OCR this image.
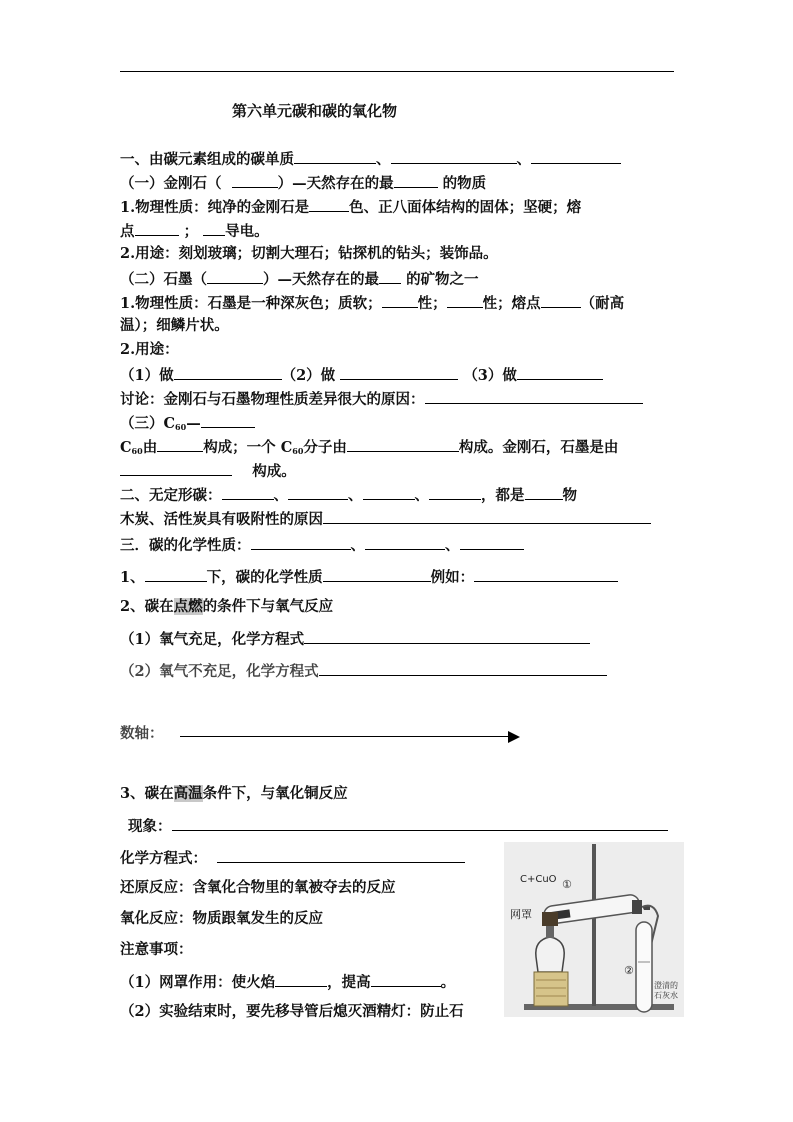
第六单元碳和碳的氧化物
一、由碳元素组成的碳单质	、	、
（一）金刚石（	）—天然存在的最	的物质
1.物理性质：纯净的金刚石是	色、正八面体结构的固体；坚硬；熔
点	； 导电。
2.用途：刻划玻璃；切割大理石；钻探机的钻头；装饰品。
（二）石墨（	）—天然存在的最 的矿物之一
1.物理性质：石墨是一种深灰色；质软； 性； 性；熔点	（耐高
温）；细鳞片状。
2.用途：
（1）做	（2）做	（3）做
讨论：金刚石与石墨物理性质差异很大的原因：
（三）$C_{60}—$
$C_{60}$由	构成；一个 $C_{60}$分子由	构成。金刚石，石墨是由
构成。
二、无定形碳：	、	、	、	，都是	物
木炭、活性炭具有吸附性的原因
三．碳的化学性质：	、	、
1、	下，碳的化学性质	例如：
2、碳在点燃的条件下与氧气反应
（1）氧气充足，化学方程式
（2）氧气不充足，化学方程式
数轴：
3、碳在高温条件下，与氧化铜反应
现象：
化学方程式：
还原反应：含氧化合物里的氧被夺去的反应
氧化反应：物质跟氧发生的反应
注意事项：
（1）网罩作用：使火焰	，提高	。
（2）实验结束时，要先移导管后熄灭酒精灯：防止石
C+CuO ①
网罩
②
澄清的
石灰水
